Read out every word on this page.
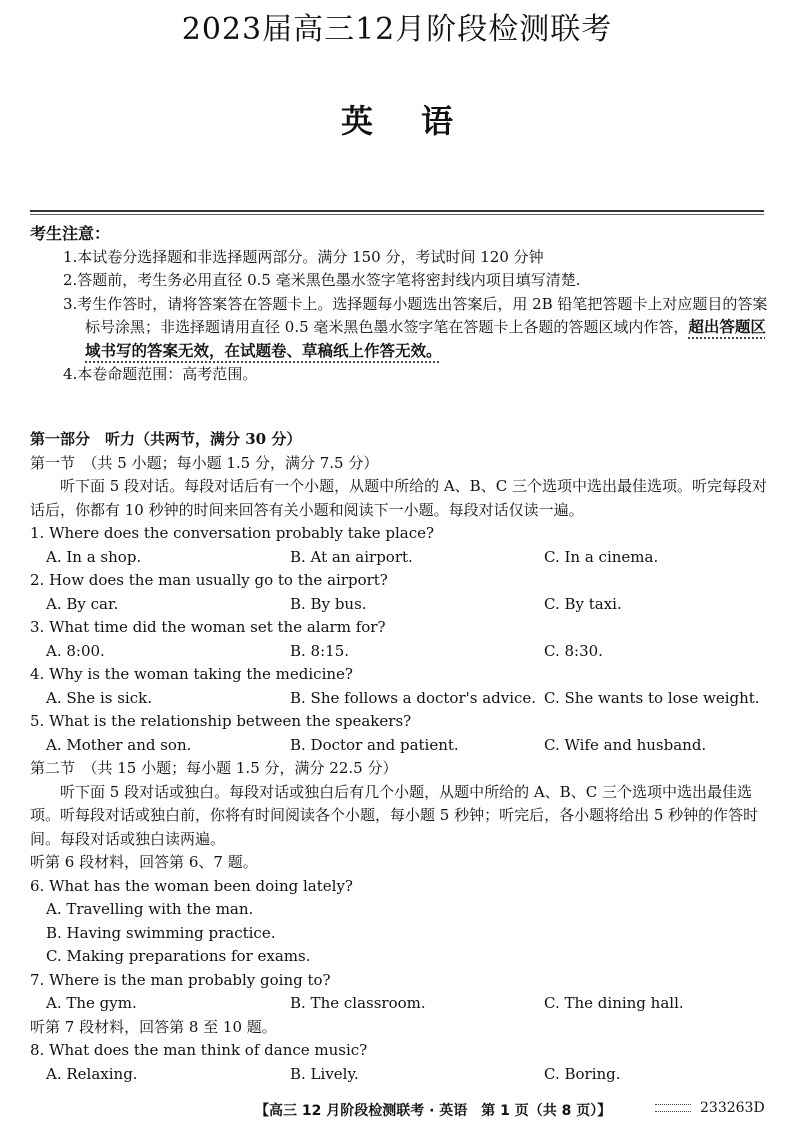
2023届高三12月阶段检测联考
英语
考生注意：
1.本试卷分选择题和非选择题两部分。满分 150 分，考试时间 120 分钟
2.答题前，考生务必用直径 0.5 毫米黑色墨水签字笔将密封线内项目填写清楚.
3.考生作答时，请将答案答在答题卡上。选择题每小题选出答案后，用 2B 铅笔把答题卡上对应题目的答案标号涂黑；非选择题请用直径 0.5 毫米黑色墨水签字笔在答题卡上各题的答题区域内作答，超出答题区域书写的答案无效，在试题卷、草稿纸上作答无效。
4.本卷命题范围：高考范围。
第一部分　听力（共两节，满分 30 分）
第一节　（共 5 小题；每小题 1.5 分，满分 7.5 分）
听下面 5 段对话。每段对话后有一个小题，从题中所给的 A、B、C 三个选项中选出最佳选项。听完每段对话后，你都有 10 秒钟的时间来回答有关小题和阅读下一小题。每段对话仅读一遍。
1. Where does the conversation probably take place?
A. In a shop.	B. At an airport.	C. In a cinema.
2. How does the man usually go to the airport?
A. By car.	B. By bus.	C. By taxi.
3. What time did the woman set the alarm for?
A. 8:00.	B. 8:15.	C. 8:30.
4. Why is the woman taking the medicine?
A. She is sick.	B. She follows a doctor's advice. C. She wants to lose weight.
5. What is the relationship between the speakers?
A. Mother and son.	B. Doctor and patient.	C. Wife and husband.
第二节　（共 15 小题；每小题 1.5 分，满分 22.5 分）
听下面 5 段对话或独白。每段对话或独白后有几个小题，从题中所给的 A、B、C 三个选项中选出最佳选项。听每段对话或独白前，你将有时间阅读各个小题，每小题 5 秒钟；听完后，各小题将给出 5 秒钟的作答时间。每段对话或独白读两遍。
听第 6 段材料，回答第 6、7 题。
6. What has the woman been doing lately?
A. Travelling with the man.
B. Having swimming practice.
C. Making preparations for exams.
7. Where is the man probably going to?
A. The gym.	B. The classroom.	C. The dining hall.
听第 7 段材料，回答第 8 至 10 题。
8. What does the man think of dance music?
A. Relaxing.	B. Lively.	C. Boring.
【高三 12 月阶段检测联考 · 英语　第 1 页（共 8 页）】	233263D
